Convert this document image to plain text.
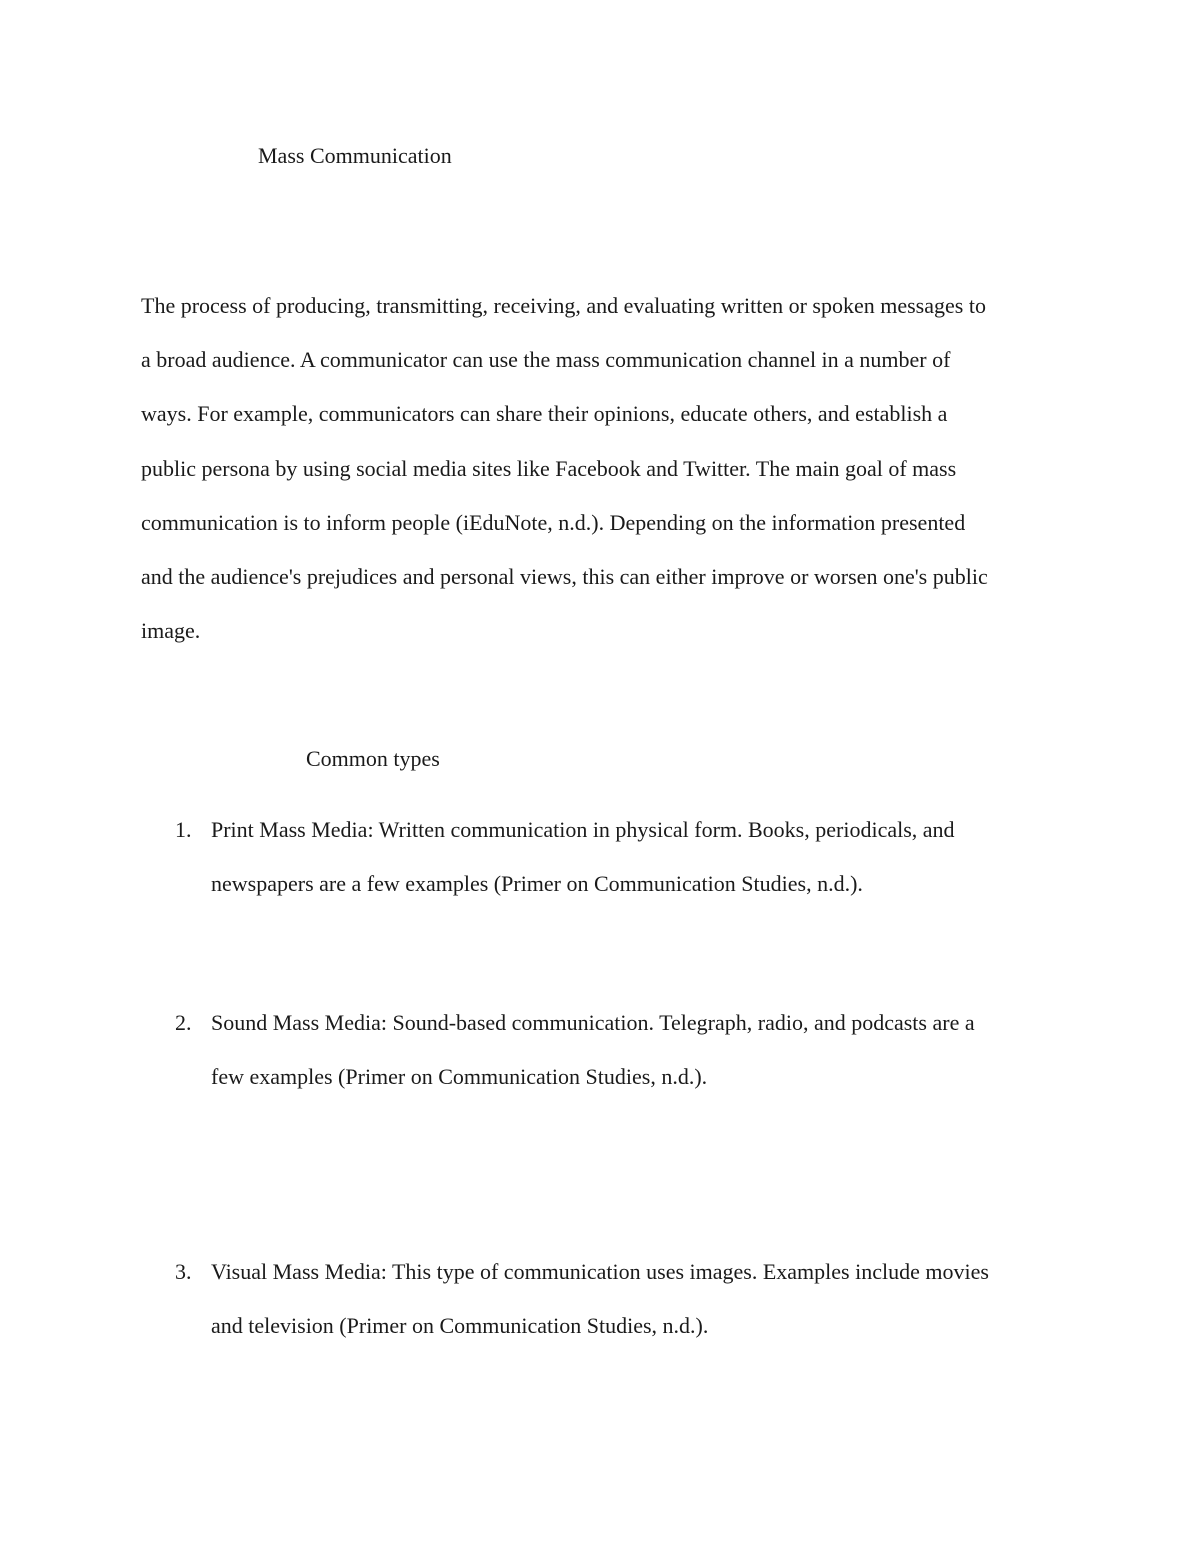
Mass Communication
The process of producing, transmitting, receiving, and evaluating written or spoken messages to
a broad audience. A communicator can use the mass communication channel in a number of
ways. For example, communicators can share their opinions, educate others, and establish a
public persona by using social media sites like Facebook and Twitter. The main goal of mass
communication is to inform people (iEduNote, n.d.). Depending on the information presented
and the audience's prejudices and personal views, this can either improve or worsen one's public
image.
Common types
1. Print Mass Media: Written communication in physical form. Books, periodicals, and
newspapers are a few examples (Primer on Communication Studies, n.d.).
2. Sound Mass Media: Sound-based communication. Telegraph, radio, and podcasts are a
few examples (Primer on Communication Studies, n.d.).
3. Visual Mass Media: This type of communication uses images. Examples include movies
and television (Primer on Communication Studies, n.d.).
